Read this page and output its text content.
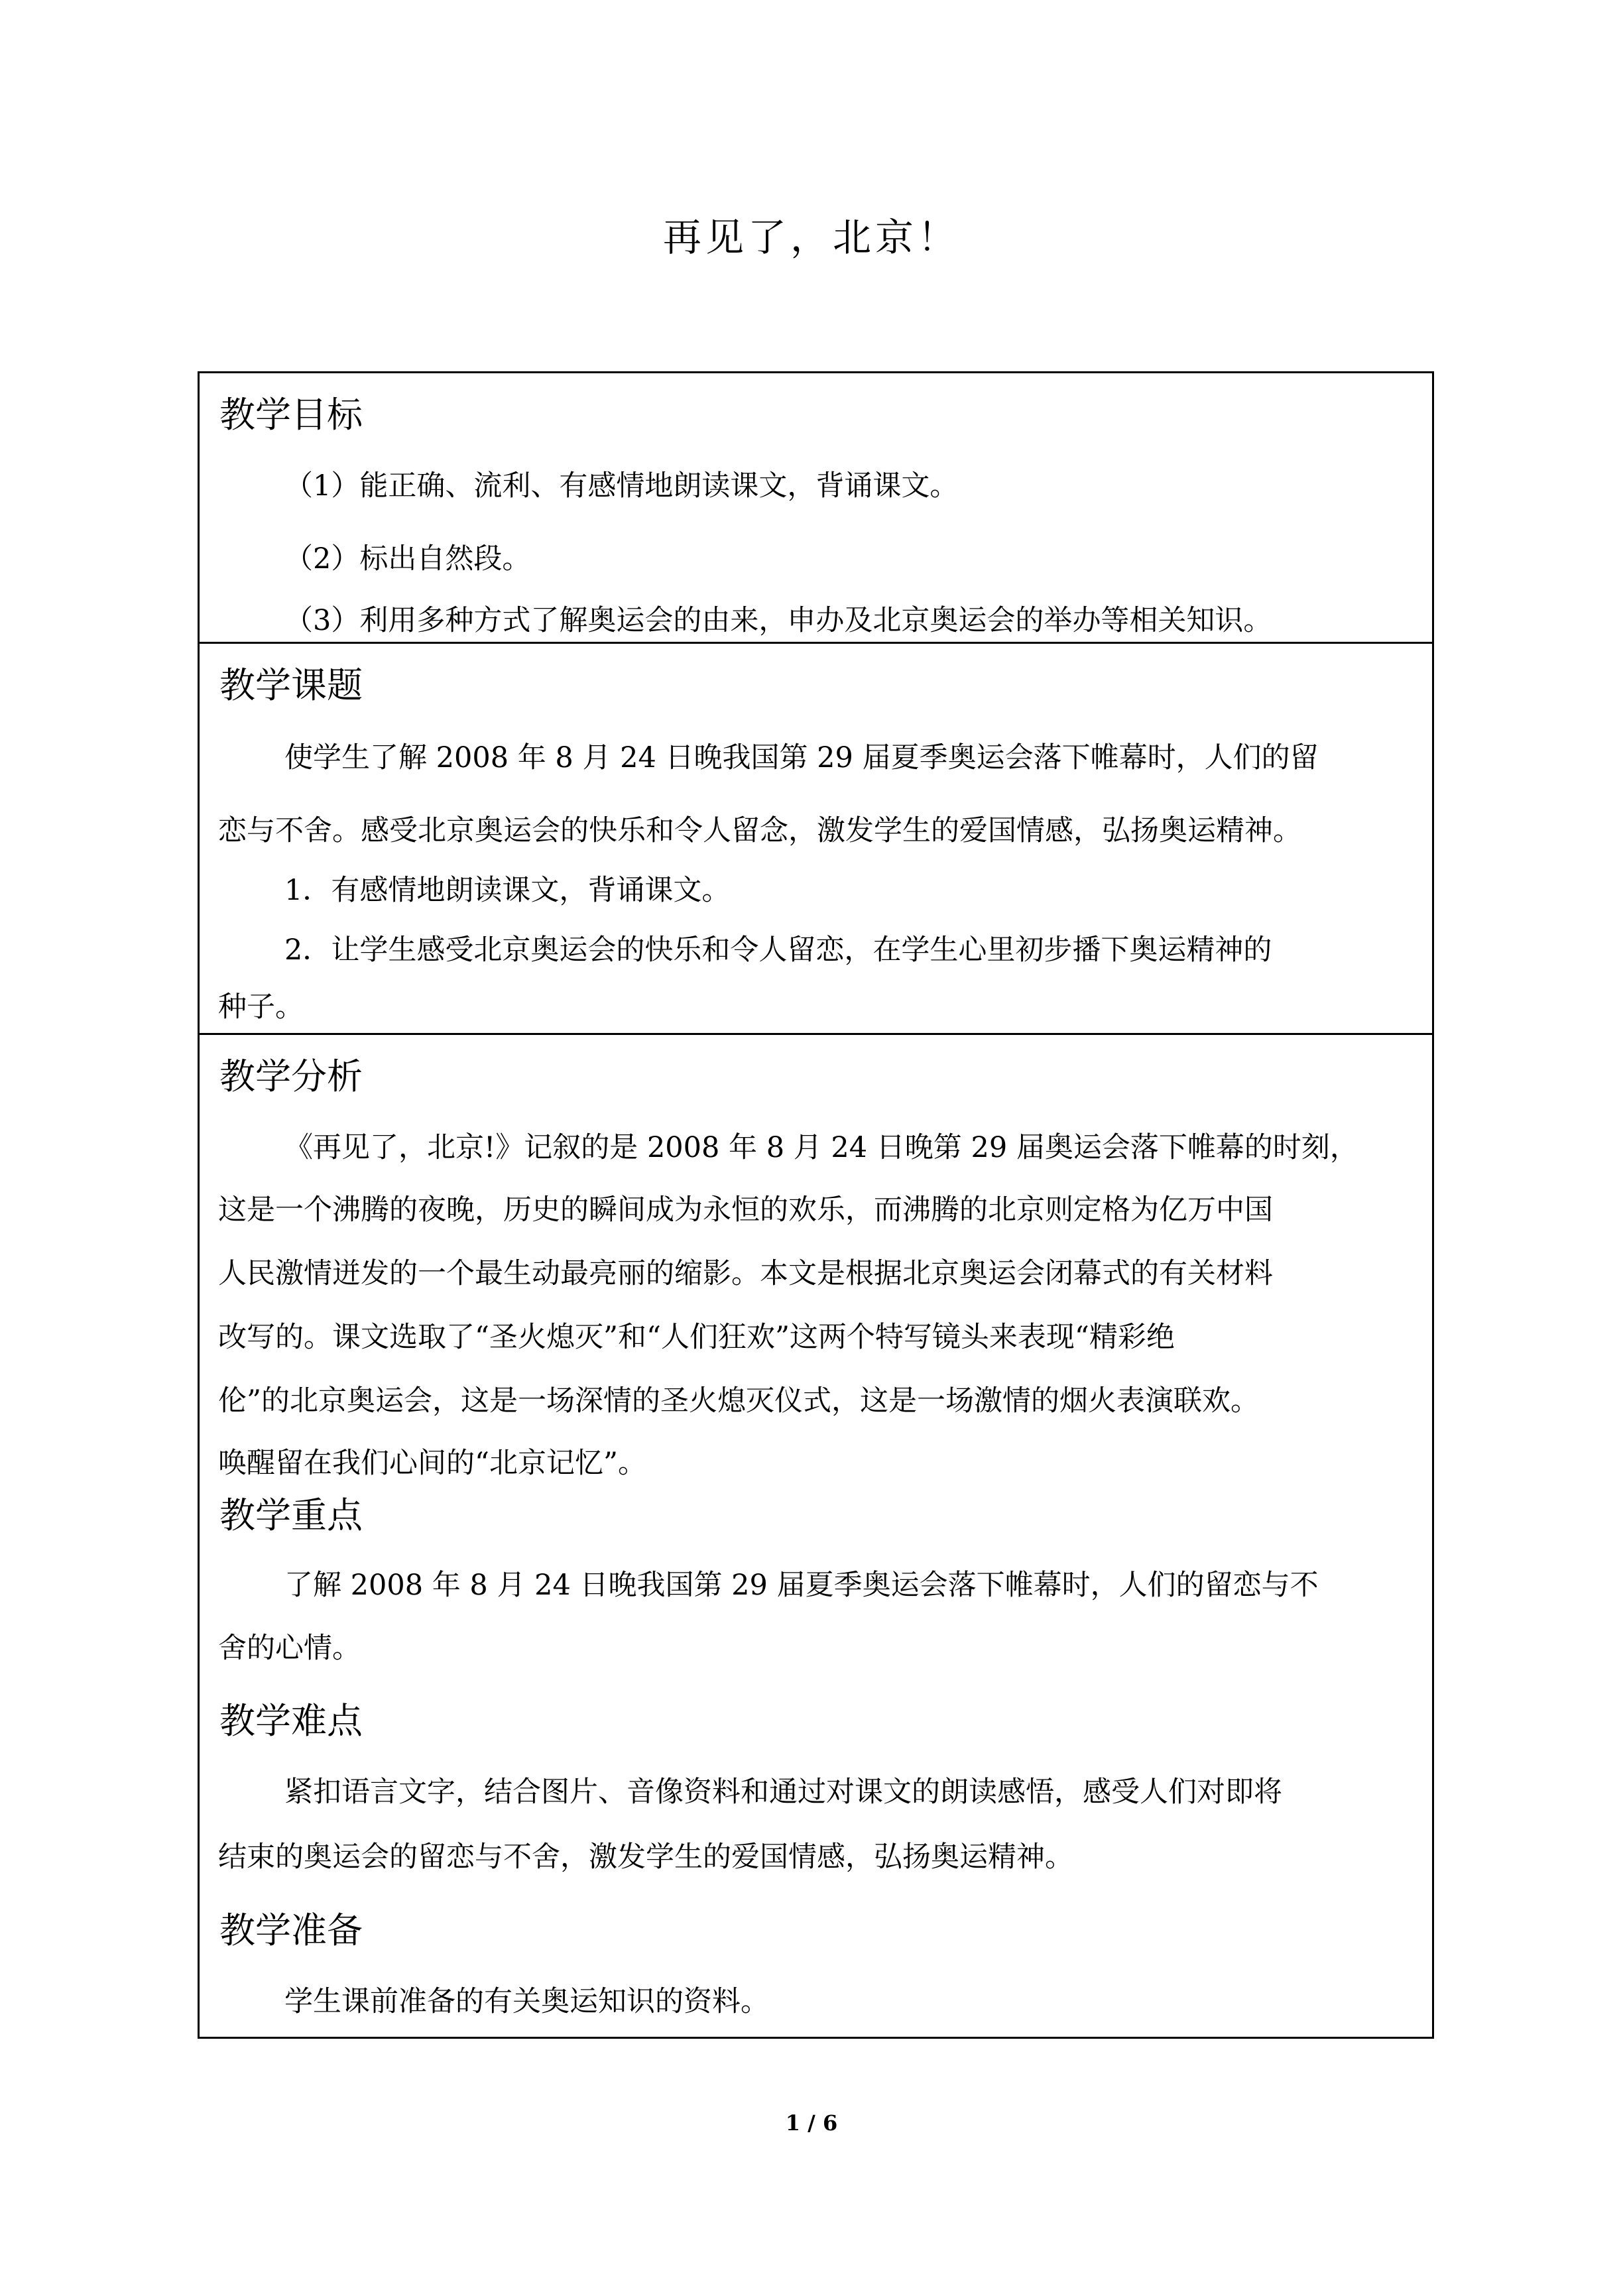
再见了，北京！
教学目标
（1）能正确、流利、有感情地朗读课文，背诵课文。
（2）标出自然段。
（3）利用多种方式了解奥运会的由来，申办及北京奥运会的举办等相关知识。
教学课题
使学生了解 2008 年 8 月 24 日晚我国第 29 届夏季奥运会落下帷幕时，人们的留
恋与不舍。感受北京奥运会的快乐和令人留念，激发学生的爱国情感，弘扬奥运精神。
1．有感情地朗读课文，背诵课文。
2．让学生感受北京奥运会的快乐和令人留恋，在学生心里初步播下奥运精神的
种子。
教学分析
《再见了，北京!》记叙的是 2008 年 8 月 24 日晚第 29 届奥运会落下帷幕的时刻，
这是一个沸腾的夜晚，历史的瞬间成为永恒的欢乐，而沸腾的北京则定格为亿万中国
人民激情迸发的一个最生动最亮丽的缩影。本文是根据北京奥运会闭幕式的有关材料
改写的。课文选取了“圣火熄灭”和“人们狂欢”这两个特写镜头来表现“精彩绝
伦”的北京奥运会，这是一场深情的圣火熄灭仪式，这是一场激情的烟火表演联欢。
唤醒留在我们心间的“北京记忆”。
教学重点
了解 2008 年 8 月 24 日晚我国第 29 届夏季奥运会落下帷幕时，人们的留恋与不
舍的心情。
教学难点
紧扣语言文字，结合图片、音像资料和通过对课文的朗读感悟，感受人们对即将
结束的奥运会的留恋与不舍，激发学生的爱国情感，弘扬奥运精神。
教学准备
学生课前准备的有关奥运知识的资料。
1 / 6
